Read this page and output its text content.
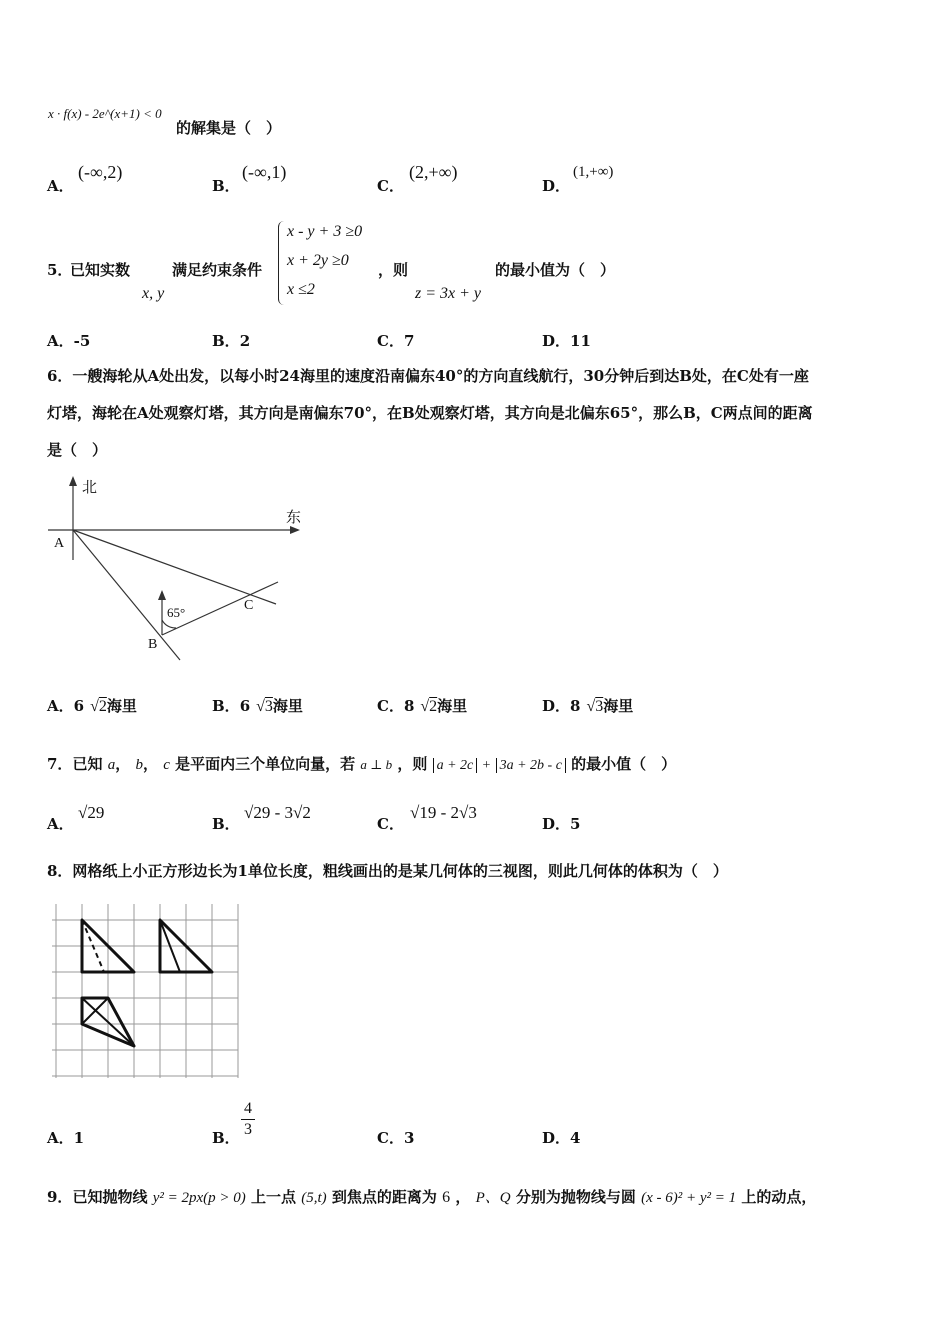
x · f(x) - 2e^(x+1) < 0
的解集是（　）
A．
(-∞,2)
B．
(-∞,1)
C．
(2,+∞)
D．
(1,+∞)
5．
已知实数
x, y
满足约束条件
x - y + 3 ≥0
x + 2y ≥0
x ≤2
，则
z = 3x + y
的最小值为（　）
A．-5	B．2	C．7	D．11
6．一艘海轮从A处出发，以每小时24海里的速度沿南偏东40°的方向直线航行，30分钟后到达B处，在C处有一座
灯塔，海轮在A处观察灯塔，其方向是南偏东70°，在B处观察灯塔，其方向是北偏东65°，那么B，C两点间的距离
是（　）
北
东
A
B
C
65°
A．6 √2海里	B．6 √3海里	C．8 √2海里	D．8 √3海里
7．已知 a， b， c 是平面内三个单位向量，若 a ⊥ b ，则 a + 2c + 3a + 2b - c 的最小值（　）
A．
√29
B．
√29 - 3√2
C．
√19 - 2√3
D．5
8．网格纸上小正方形边长为1单位长度，粗线画出的是某几何体的三视图，则此几何体的体积为（　）
A．1	B．
4
3	C．3	D．4
9．已知抛物线 y² = 2px(p > 0) 上一点 (5,t) 到焦点的距离为 6 ， P、Q 分别为抛物线与圆 (x - 6)² + y² = 1 上的动点，
